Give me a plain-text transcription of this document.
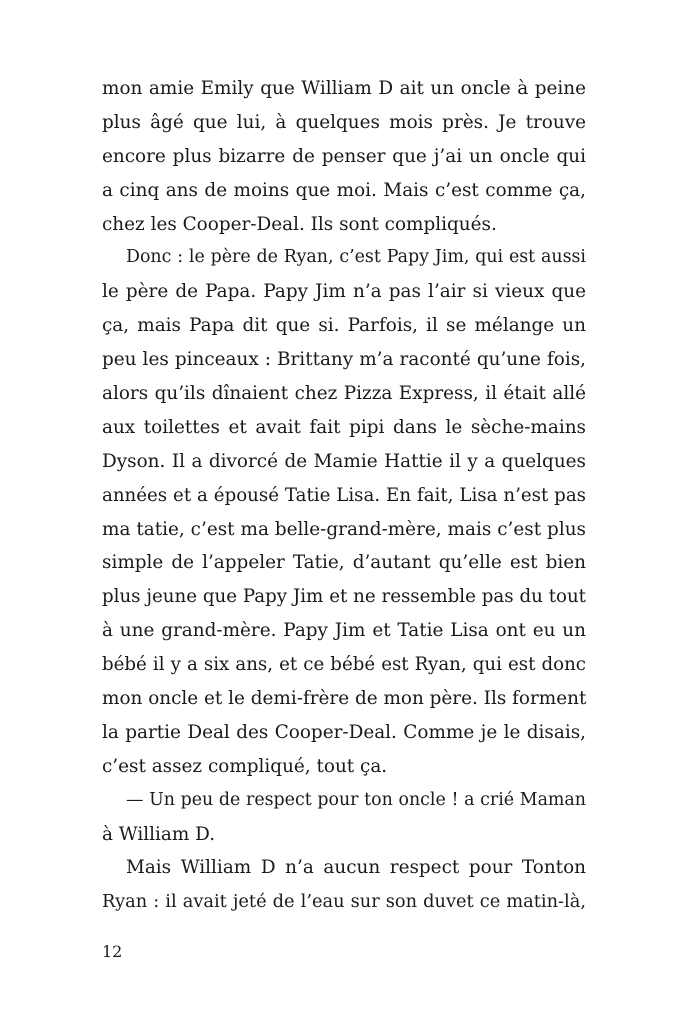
mon amie Emily que William D ait un oncle à peine
plus âgé que lui, à quelques mois près. Je trouve
encore plus bizarre de penser que j’ai un oncle qui
a cinq ans de moins que moi. Mais c’est comme ça,
chez les Cooper-Deal. Ils sont compliqués.
Donc : le père de Ryan, c’est Papy Jim, qui est aussi
le père de Papa. Papy Jim n’a pas l’air si vieux que
ça, mais Papa dit que si. Parfois, il se mélange un
peu les pinceaux : Brittany m’a raconté qu’une fois,
alors qu’ils dînaient chez Pizza Express, il était allé
aux toilettes et avait fait pipi dans le sèche-mains
Dyson. Il a divorcé de Mamie Hattie il y a quelques
années et a épousé Tatie Lisa. En fait, Lisa n’est pas
ma tatie, c’est ma belle-grand-mère, mais c’est plus
simple de l’appeler Tatie, d’autant qu’elle est bien
plus jeune que Papy Jim et ne ressemble pas du tout
à une grand-mère. Papy Jim et Tatie Lisa ont eu un
bébé il y a six ans, et ce bébé est Ryan, qui est donc
mon oncle et le demi-frère de mon père. Ils forment
la partie Deal des Cooper-Deal. Comme je le disais,
c’est assez compliqué, tout ça.
— Un peu de respect pour ton oncle ! a crié Maman
à William D.
Mais William D n’a aucun respect pour Tonton
Ryan : il avait jeté de l’eau sur son duvet ce matin-là,
12
